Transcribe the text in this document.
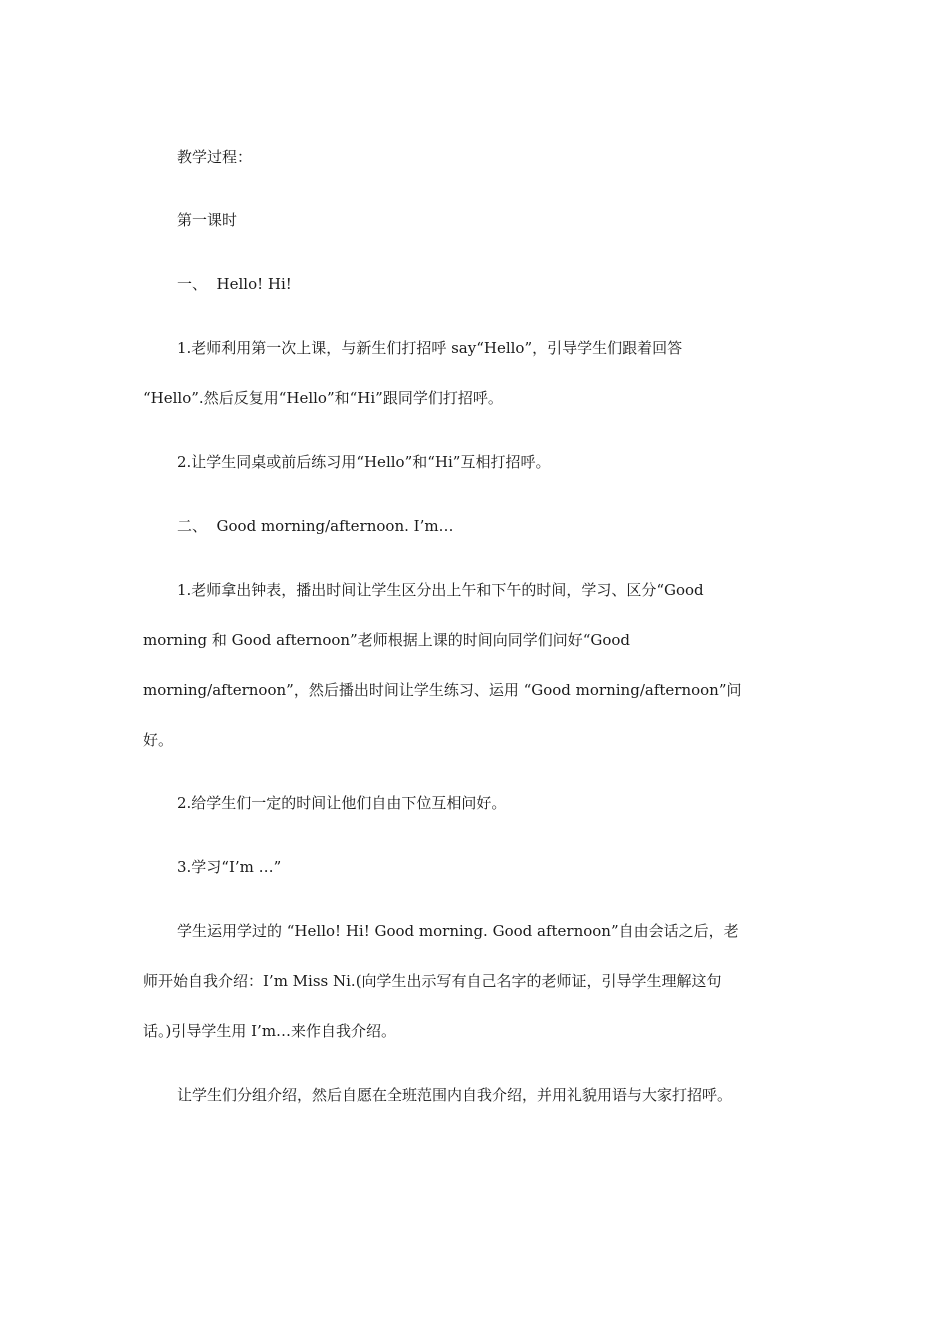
教学过程：
第一课时
一、  Hello! Hi!
1.老师利用第一次上课，与新生们打招呼 say“Hello”，引导学生们跟着回答
“Hello”.然后反复用“Hello”和“Hi”跟同学们打招呼。
2.让学生同桌或前后练习用“Hello”和“Hi”互相打招呼。
二、  Good morning/afternoon. I’m…
1.老师拿出钟表，播出时间让学生区分出上午和下午的时间，学习、区分“Good
morning 和 Good afternoon”老师根据上课的时间向同学们问好“Good
morning/afternoon”，然后播出时间让学生练习、运用 “Good morning/afternoon”问
好。
2.给学生们一定的时间让他们自由下位互相问好。
3.学习“I’m …”
学生运用学过的 “Hello! Hi! Good morning. Good afternoon”自由会话之后，老
师开始自我介绍：I’m Miss Ni.(向学生出示写有自己名字的老师证，引导学生理解这句
话。)引导学生用 I’m…来作自我介绍。
让学生们分组介绍，然后自愿在全班范围内自我介绍，并用礼貌用语与大家打招呼。
